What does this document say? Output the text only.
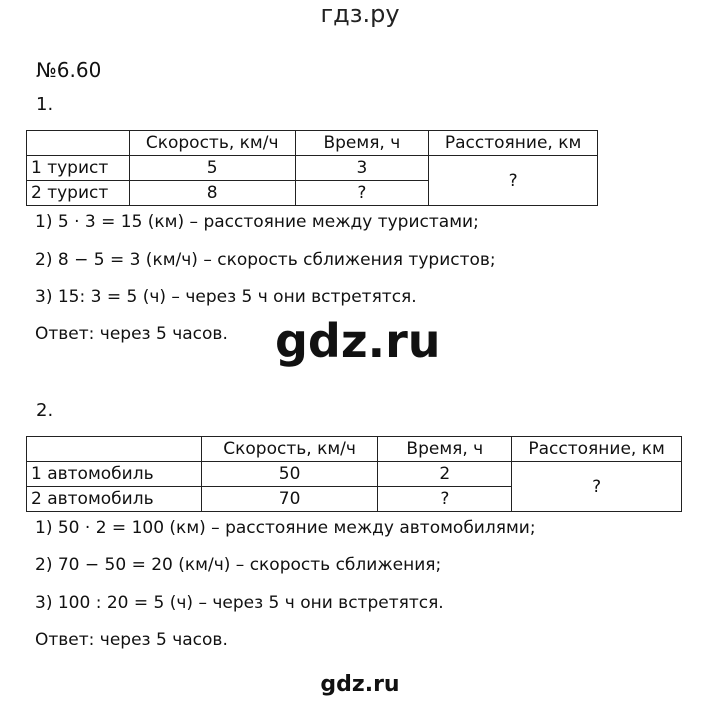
гдз.ру
№6.60
1.
	Скорость, км/ч	Время, ч	Расстояние, км
1 турист	5	3	?
2 турист	8	?	
1) 5 · 3 = 15 (км) – расстояние между туристами;
2) 8 − 5 = 3 (км/ч) – скорость сближения туристов;
3) 15: 3 = 5 (ч) – через 5 ч они встретятся.
Ответ: через 5 часов. gdz.ru
2.
	Скорость, км/ч	Время, ч	Расстояние, км
1 автомобиль	50	2	?
2 автомобиль	70	?	
1) 50 · 2 = 100 (км) – расстояние между автомобилями;
2) 70 − 50 = 20 (км/ч) – скорость сближения;
3) 100 : 20 = 5 (ч) – через 5 ч они встретятся.
Ответ: через 5 часов.
gdz.ru
